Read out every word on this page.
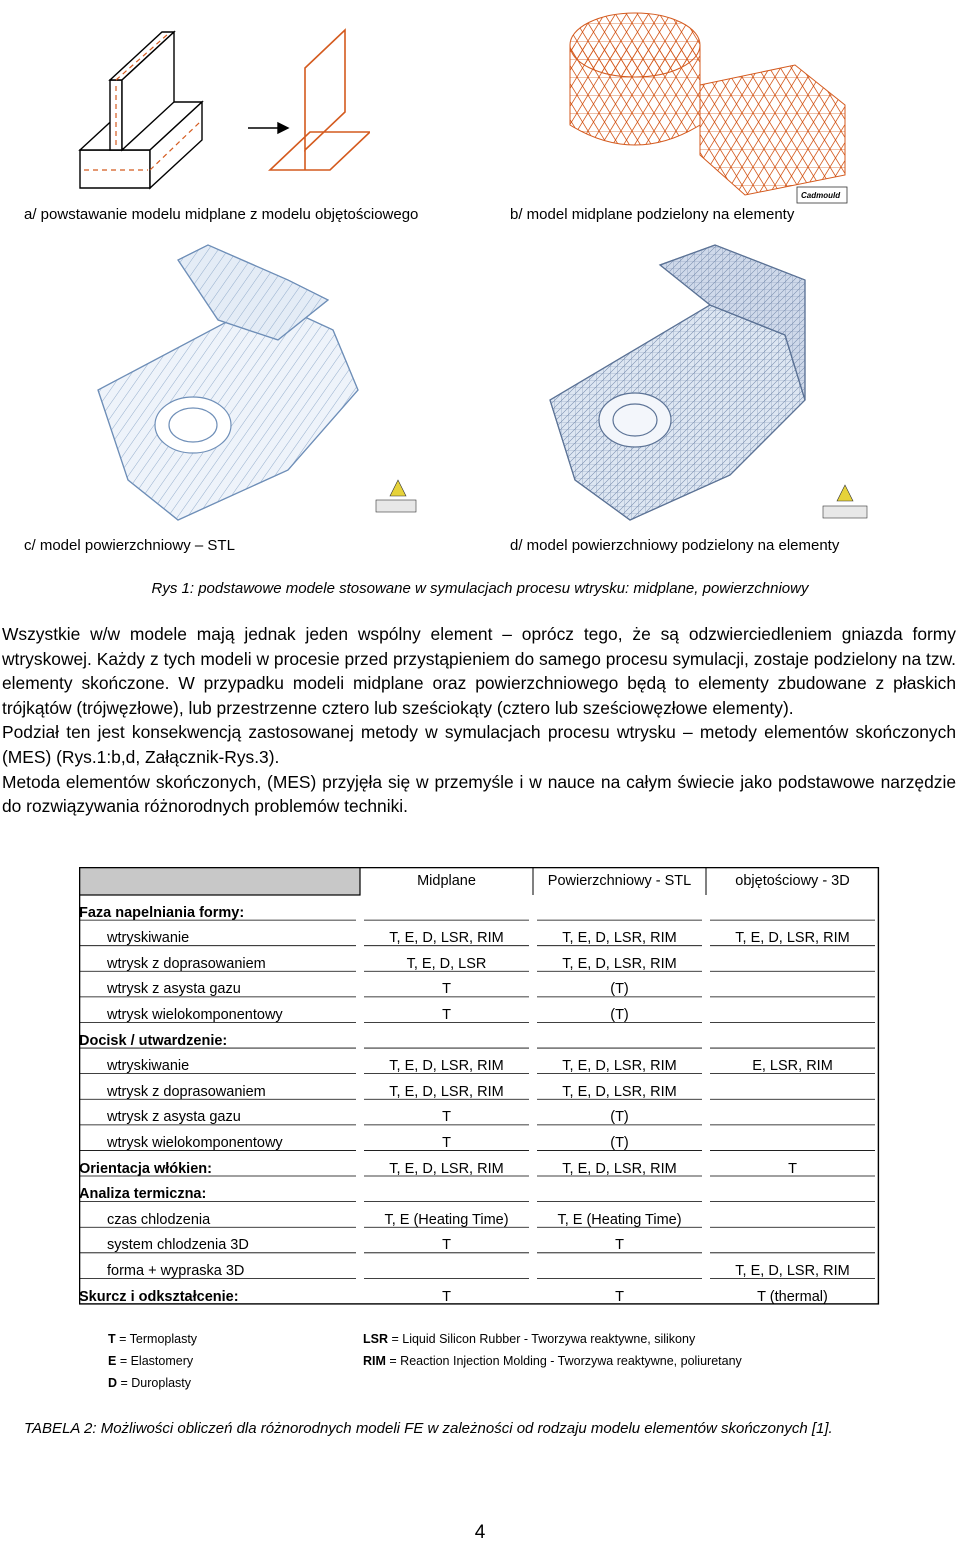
Cadmould
a/ powstawanie modelu midplane z modelu objętościowego	b/ model midplane podzielony na elementy
c/ model powierzchniowy – STL	d/ model powierzchniowy podzielony na elementy
Rys 1: podstawowe modele stosowane w symulacjach procesu wtrysku: midplane, powierzchniowy

Wszystkie w/w modele mają jednak jeden wspólny element – oprócz tego, że są odzwierciedleniem gniazda formy wtryskowej. Każdy z tych modeli w procesie przed przystąpieniem do samego procesu symulacji, zostaje podzielony na tzw. elementy skończone. W przypadku modeli midplane oraz powierzchniowego będą to elementy zbudowane z płaskich trójkątów (trójwęzłowe), lub przestrzenne cztero lub sześciokąty (cztero lub sześciowęzłowe elementy).

Podział ten jest konsekwencją zastosowanej metody w symulacjach procesu wtrysku – metody elementów skończonych (MES) (Rys.1:b,d, Załącznik-Rys.3).

Metoda elementów skończonych, (MES) przyjęła się w przemyśle i w nauce na całym świecie jako podstawowe narzędzie do rozwiązywania różnorodnych problemów techniki.

	Midplane	Powierzchniowy - STL	objętościowy - 3D
Faza napelniania formy:			
wtryskiwanie	T, E, D, LSR, RIM	T, E, D, LSR, RIM	T, E, D, LSR, RIM
wtrysk z doprasowaniem	T, E, D, LSR	T, E, D, LSR, RIM	
wtrysk z asysta gazu	T	(T)	
wtrysk wielokomponentowy	T	(T)	
Docisk / utwardzenie:			
wtryskiwanie	T, E, D, LSR, RIM	T, E, D, LSR, RIM	E, LSR, RIM
wtrysk z doprasowaniem	T, E, D, LSR, RIM	T, E, D, LSR, RIM	
wtrysk z asysta gazu	T	(T)	
wtrysk wielokomponentowy	T	(T)	
Orientacja włókien:	T, E, D, LSR, RIM	T, E, D, LSR, RIM	T
Analiza termiczna:			
czas chlodzenia	T, E (Heating Time)	T, E (Heating Time)	
system chlodzenia 3D	T	T	
forma + wypraska 3D			T, E, D, LSR, RIM
Skurcz i odkształcenie:	T	T	T (thermal)
T = Termoplasty
E = Elastomery
D = Duroplasty
LSR = Liquid Silicon Rubber - Tworzywa reaktywne, silikony
RIM = Reaction Injection Molding - Tworzywa reaktywne, poliuretany
TABELA 2: Możliwości obliczeń dla różnorodnych modeli FE w zależności od rodzaju modelu elementów skończonych [1].
4
